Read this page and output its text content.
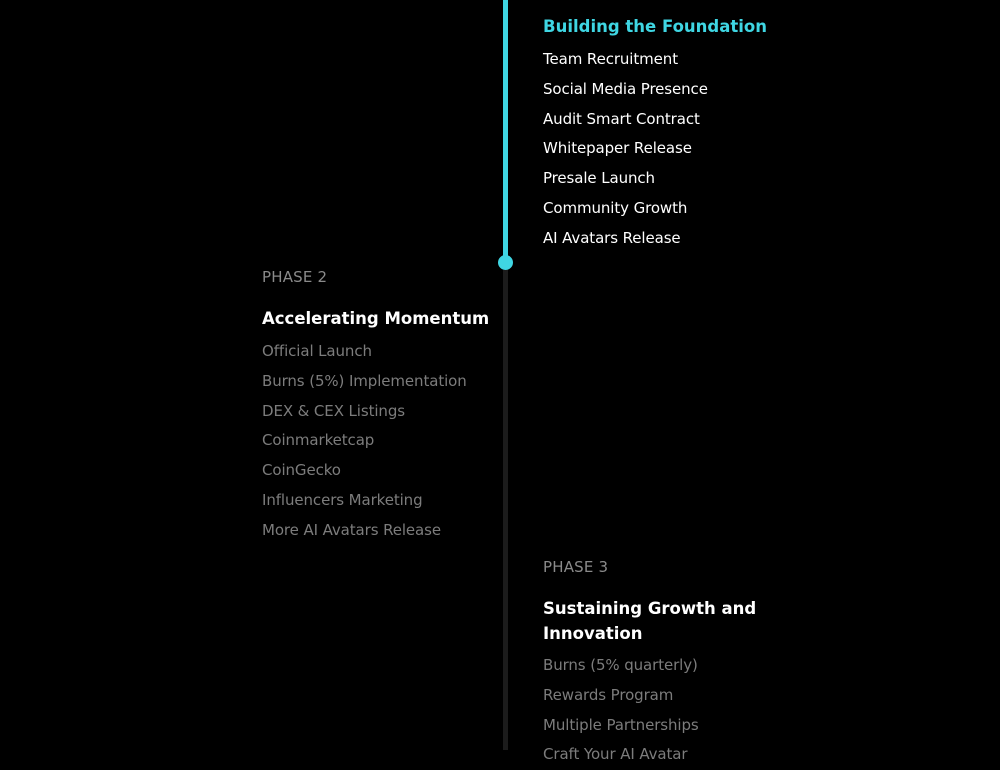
Building the Foundation
Team Recruitment
Social Media Presence
Audit Smart Contract
Whitepaper Release
Presale Launch
Community Growth
AI Avatars Release
PHASE 2
Accelerating Momentum
Official Launch
Burns (5%) Implementation
DEX & CEX Listings
Coinmarketcap
CoinGecko
Influencers Marketing
More AI Avatars Release
PHASE 3
Sustaining Growth and Innovation
Burns (5% quarterly)
Rewards Program
Multiple Partnerships
Craft Your AI Avatar
